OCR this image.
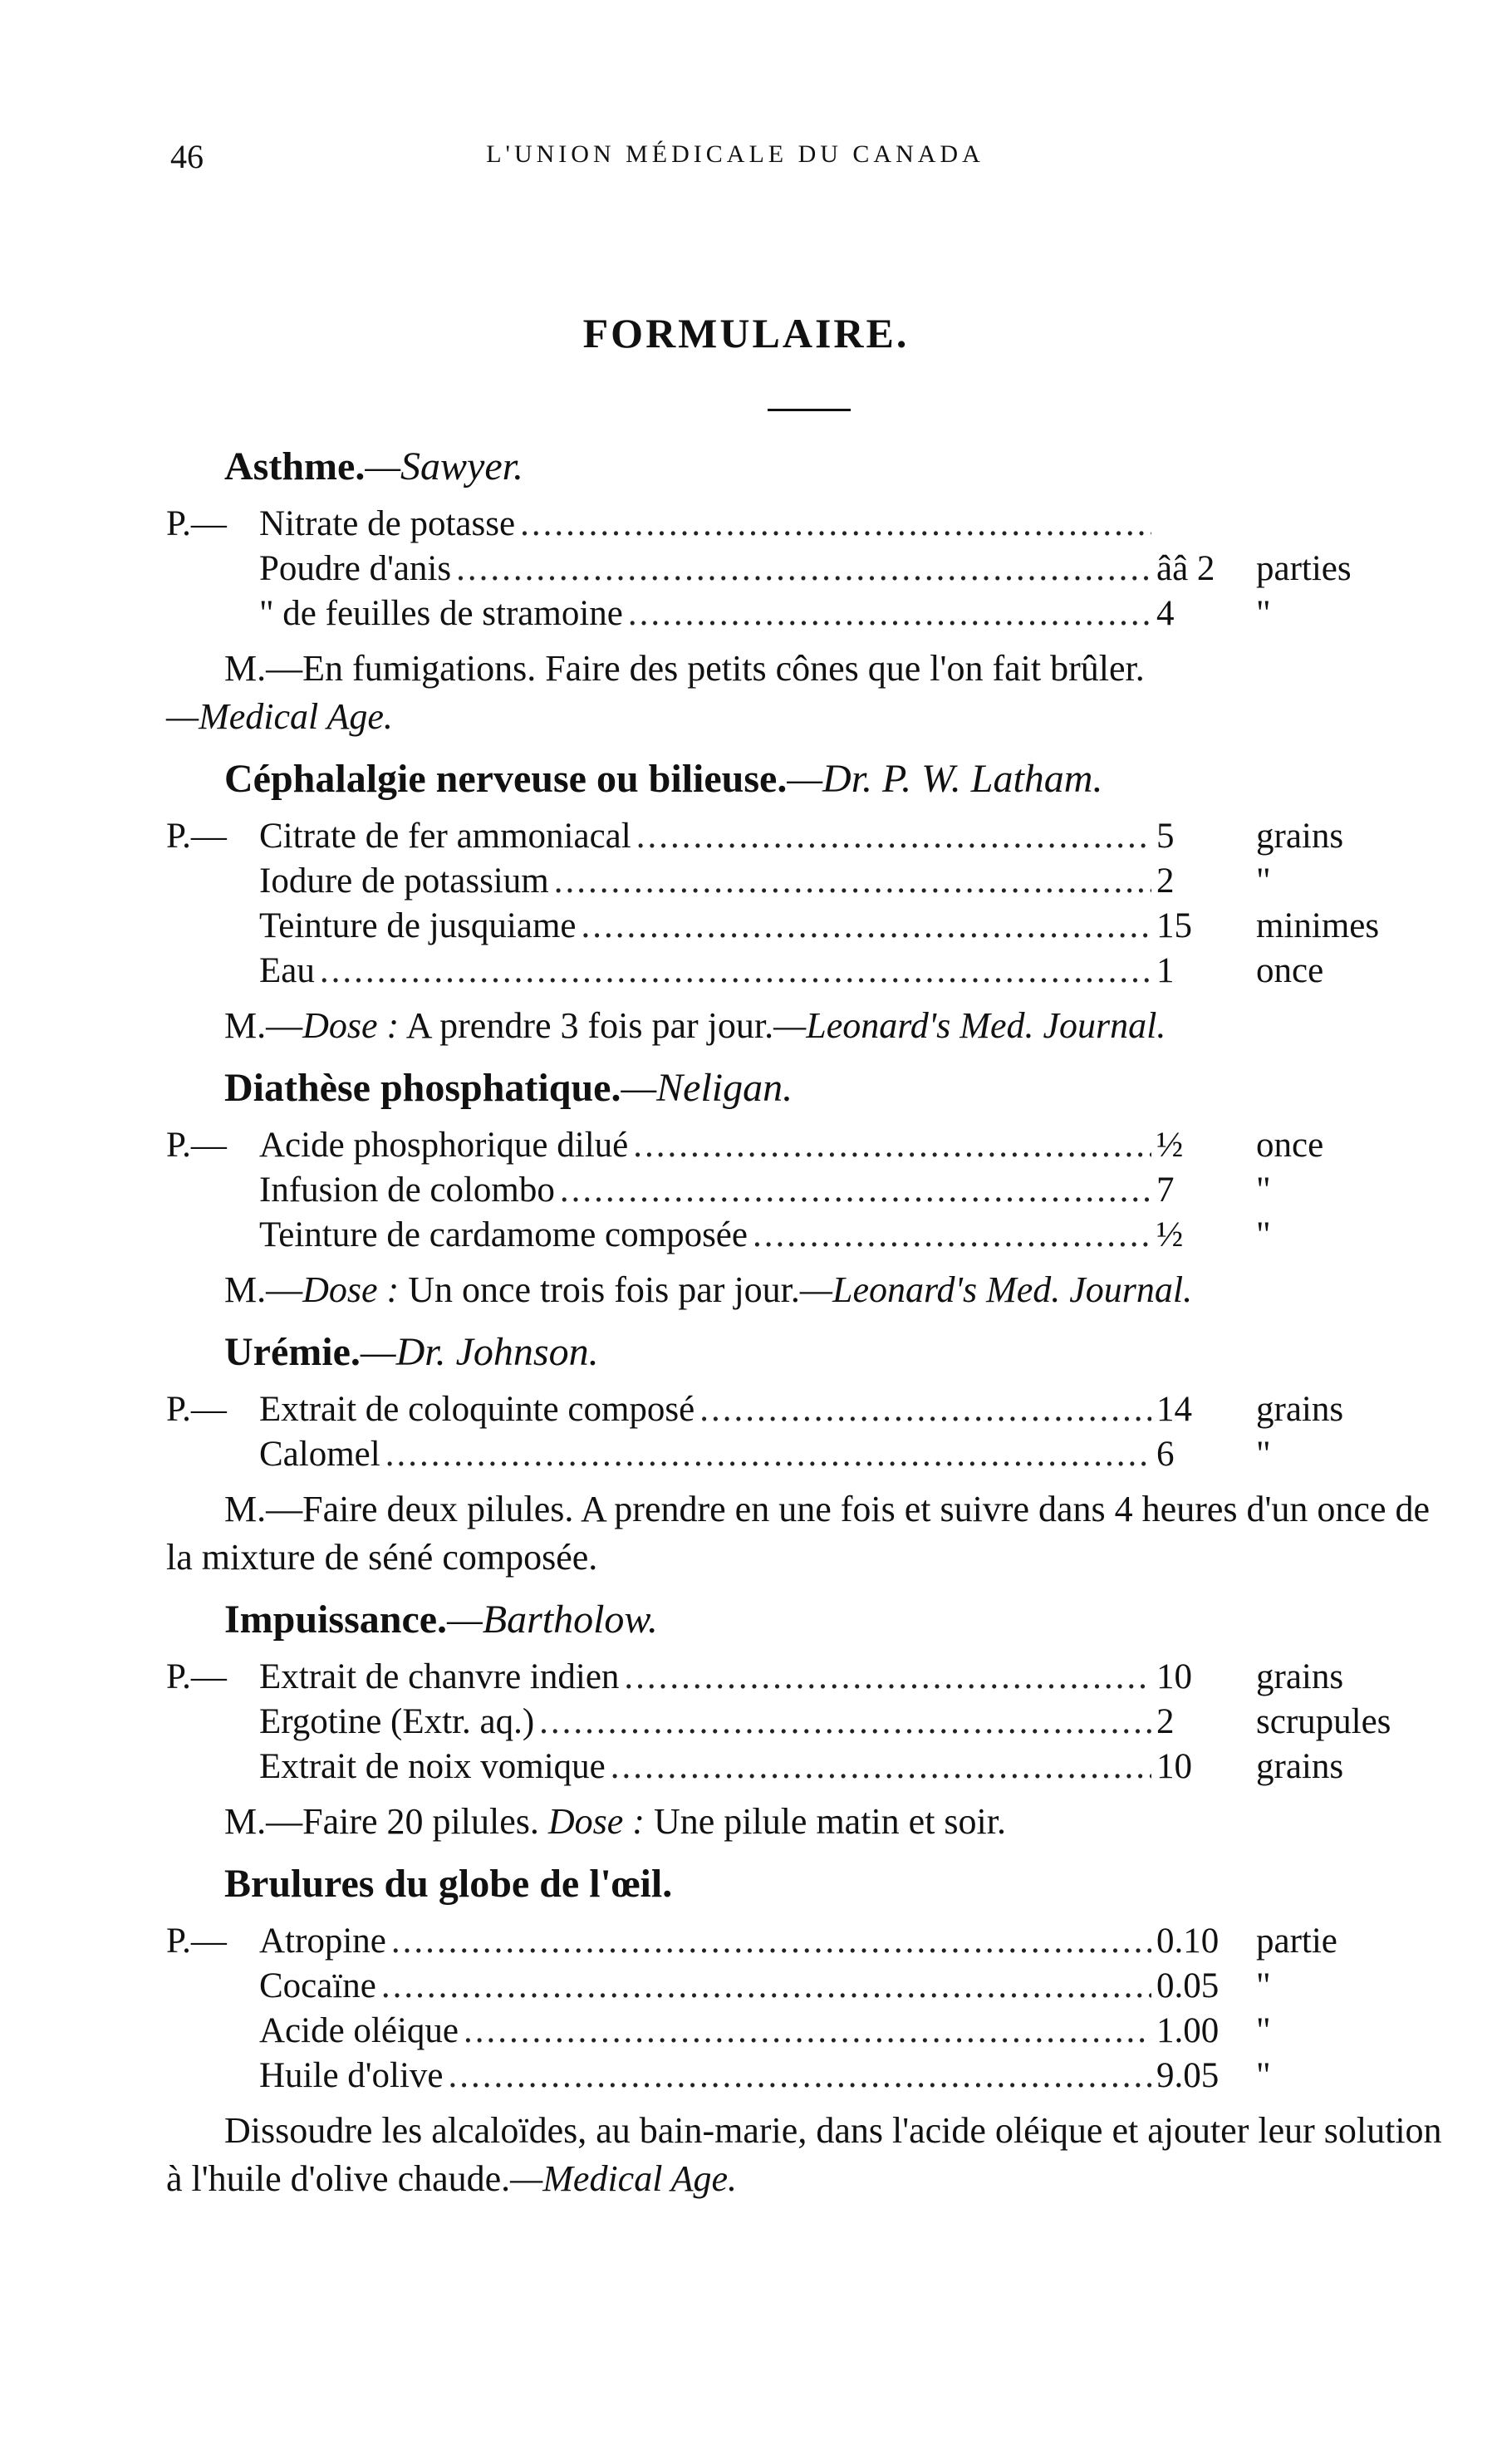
46	L'UNION MÉDICALE DU CANADA
FORMULAIRE.
Asthme.—Sawyer.
P.— Nitrate de potasse
.....
Poudre d'anis .....	ââ 2 parties
" de feuilles de stramoine .....	4 "
M.—En fumigations. Faire des petits cônes que l'on fait brûler.
—Medical Age.
Céphalalgie nerveuse ou bilieuse.—Dr. P. W. Latham.
P.— Citrate de fer ammoniacal .....	5 grains
Iodure de potassium .....	2 "
Teinture de jusquiame .....	15 minimes
Eau .....	1 once
M.—Dose : A prendre 3 fois par jour.—Leonard's Med. Journal.
Diathèse phosphatique.—Neligan.
P.— Acide phosphorique dilué .....	½ once
Infusion de colombo .....	7 "
Teinture de cardamome composée .....	½ "
M.—Dose : Un once trois fois par jour.—Leonard's Med. Journal.
Urémie.—Dr. Johnson.
P.— Extrait de coloquinte composé .....	14 grains
Calomel .....	6 "
M.—Faire deux pilules. A prendre en une fois et suivre dans 4 heures d'un once de la mixture de séné composée.
Impuissance.—Bartholow.
P.— Extrait de chanvre indien .....	10 grains
Ergotine (Extr. aq.) .....	2 scrupules
Extrait de noix vomique .....	10 grains
M.—Faire 20 pilules. Dose : Une pilule matin et soir.
Brulures du globe de l'œil.
P.— Atropine .....	0.10 partie
Cocaïne .....	0.05 "
Acide oléique .....	1.00 "
Huile d'olive .....	9.05 "
Dissoudre les alcaloïdes, au bain-marie, dans l'acide oléique et ajouter leur solution à l'huile d'olive chaude.—Medical Age.
